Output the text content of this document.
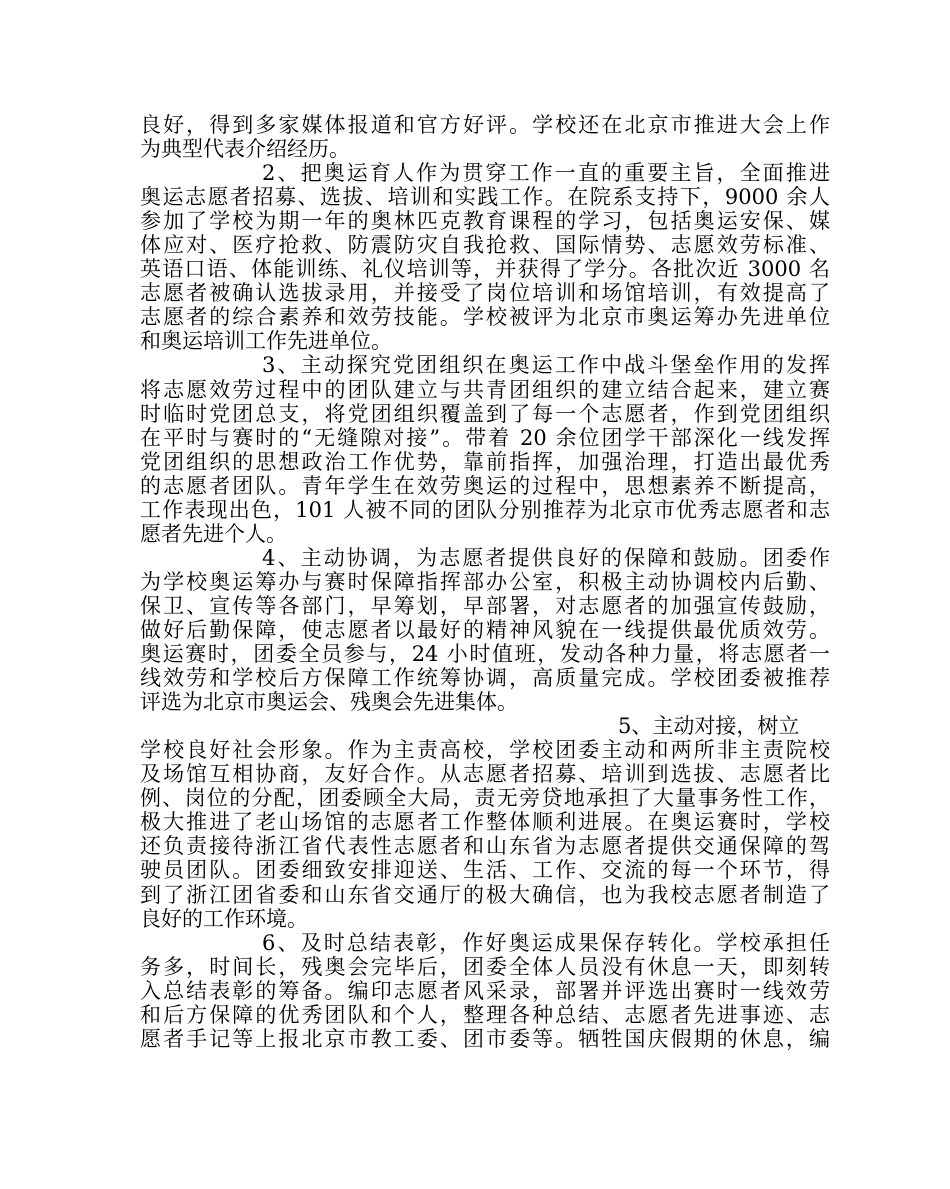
良好，得到多家媒体报道和官方好评。学校还在北京市推进大会上作
为典型代表介绍经历。
2、把奥运育人作为贯穿工作一直的重要主旨，全面推进
奥运志愿者招募、选拔、培训和实践工作。在院系支持下，9000 余人
参加了学校为期一年的奥林匹克教育课程的学习，包括奥运安保、媒
体应对、医疗抢救、防震防灾自我抢救、国际情势、志愿效劳标准、
英语口语、体能训练、礼仪培训等，并获得了学分。各批次近 3000 名
志愿者被确认选拔录用，并接受了岗位培训和场馆培训，有效提高了
志愿者的综合素养和效劳技能。学校被评为北京市奥运筹办先进单位
和奥运培训工作先进单位。
3、主动探究党团组织在奥运工作中战斗堡垒作用的发挥
将志愿效劳过程中的团队建立与共青团组织的建立结合起来，建立赛
时临时党团总支，将党团组织覆盖到了每一个志愿者，作到党团组织
在平时与赛时的“无缝隙对接”。带着 20 余位团学干部深化一线发挥
党团组织的思想政治工作优势，靠前指挥，加强治理，打造出最优秀
的志愿者团队。青年学生在效劳奥运的过程中，思想素养不断提高，
工作表现出色，101 人被不同的团队分别推荐为北京市优秀志愿者和志
愿者先进个人。
4、主动协调，为志愿者提供良好的保障和鼓励。团委作
为学校奥运筹办与赛时保障指挥部办公室，积极主动协调校内后勤、
保卫、宣传等各部门，早筹划，早部署，对志愿者的加强宣传鼓励，
做好后勤保障，使志愿者以最好的精神风貌在一线提供最优质效劳。
奥运赛时，团委全员参与，24 小时值班，发动各种力量，将志愿者一
线效劳和学校后方保障工作统筹协调，高质量完成。学校团委被推荐
评选为北京市奥运会、残奥会先进集体。
5、主动对接，树立
学校良好社会形象。作为主责高校，学校团委主动和两所非主责院校
及场馆互相协商，友好合作。从志愿者招募、培训到选拔、志愿者比
例、岗位的分配，团委顾全大局，责无旁贷地承担了大量事务性工作，
极大推进了老山场馆的志愿者工作整体顺利进展。在奥运赛时，学校
还负责接待浙江省代表性志愿者和山东省为志愿者提供交通保障的驾
驶员团队。团委细致安排迎送、生活、工作、交流的每一个环节，得
到了浙江团省委和山东省交通厅的极大确信，也为我校志愿者制造了
良好的工作环境。
6、及时总结表彰，作好奥运成果保存转化。学校承担任
务多，时间长，残奥会完毕后，团委全体人员没有休息一天，即刻转
入总结表彰的筹备。编印志愿者风采录，部署并评选出赛时一线效劳
和后方保障的优秀团队和个人，整理各种总结、志愿者先进事迹、志
愿者手记等上报北京市教工委、团市委等。牺牲国庆假期的休息，编
